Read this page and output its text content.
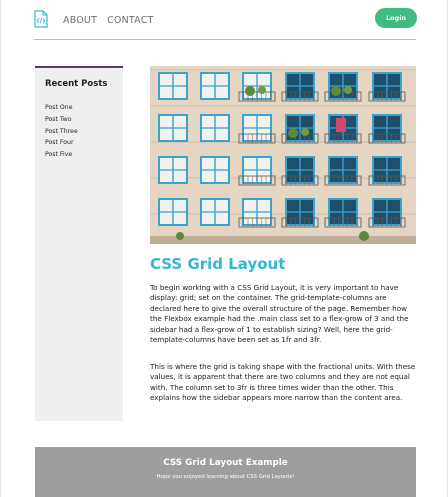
ABOUT CONTACT	Login
Recent Posts
Post One
Post Two
Post Three
Post Four
Post Five
CSS Grid Layout

To begin working with a CSS Grid Layout, it is very important to have display: grid; set on the container. The grid-template-columns are declared here to give the overall structure of the page. Remember how the Flexbox example had the .main class set to a flex-grow of 3 and the sidebar had a flex-grow of 1 to establish sizing? Well, here the grid-template-columns have been set as 1fr and 3fr.

This is where the grid is taking shape with the fractional units. With these values, it is apparent that there are two columns and they are not equal with. The column set to 3fr is three times wider than the other. This explains how the sidebar appears more narrow than the content area.

CSS Grid Layout Example

Hope you enjoyed learning about CSS Grid Layouts!
